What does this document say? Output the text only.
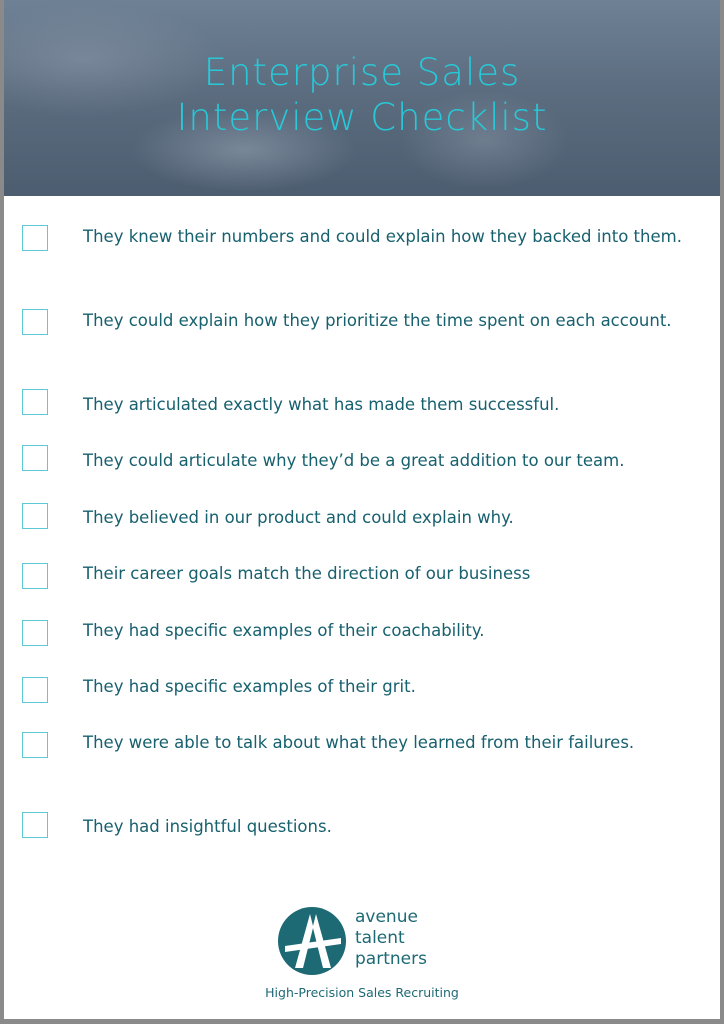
Enterprise Sales
Interview Checklist
They knew their numbers and could explain how they backed into them.
They could explain how they prioritize the time spent on each account.
They articulated exactly what has made them successful.
They could articulate why they’d be a great addition to our team.
They believed in our product and could explain why.
Their career goals match the direction of our business
They had specific examples of their coachability.
They had specific examples of their grit.
They were able to talk about what they learned from their failures.
They had insightful questions.
avenue
talent
partners
High-Precision Sales Recruiting
